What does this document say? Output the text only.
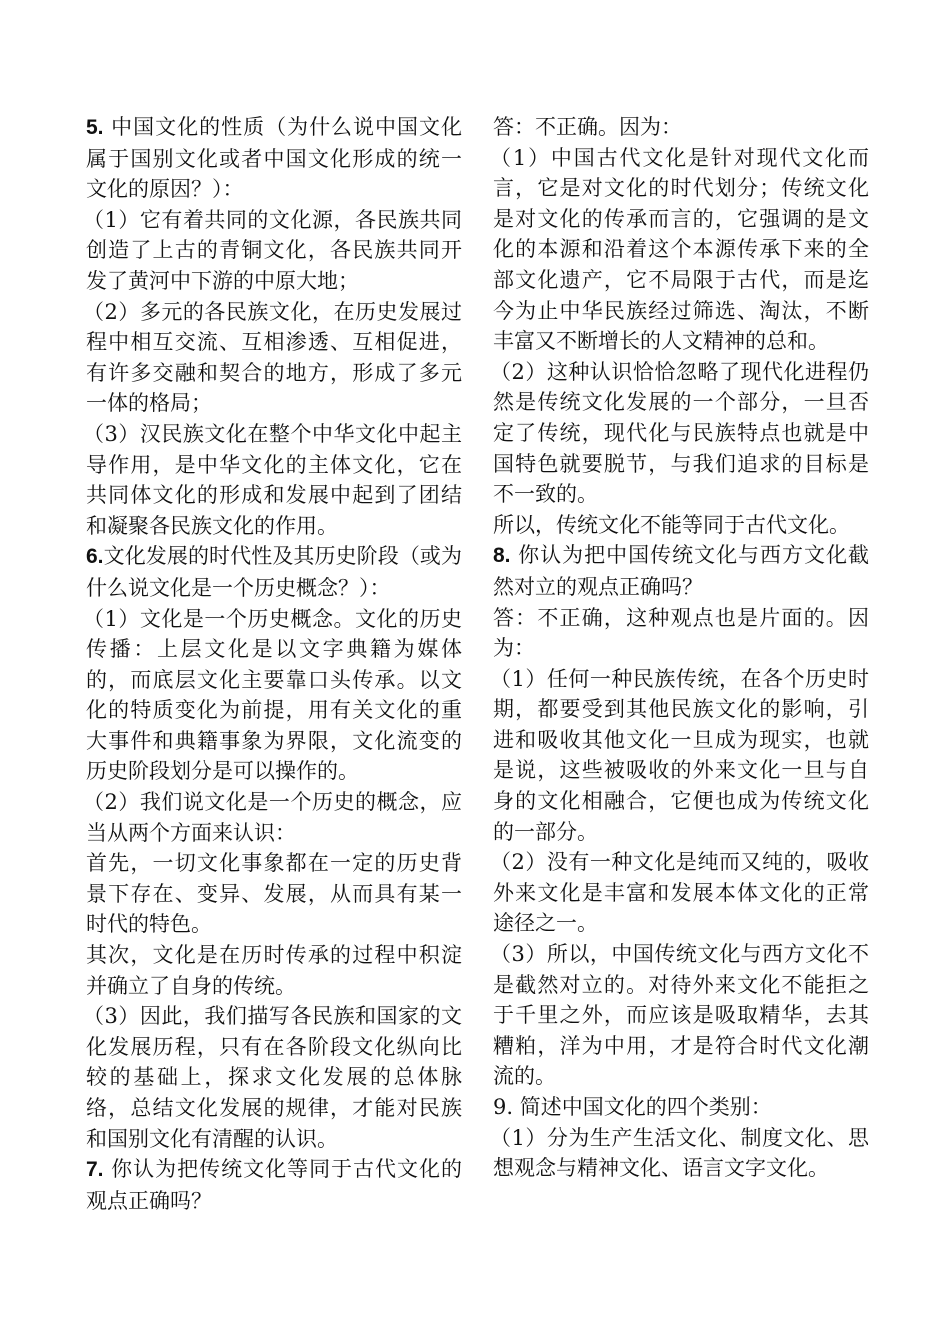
5. 中国文化的性质（为什么说中国文化属于国别文化或者中国文化形成的统一文化的原因？）：

（1）它有着共同的文化源，各民族共同创造了上古的青铜文化，各民族共同开发了黄河中下游的中原大地；

（2）多元的各民族文化，在历史发展过程中相互交流、互相渗透、互相促进，有许多交融和契合的地方，形成了多元一体的格局；

（3）汉民族文化在整个中华文化中起主导作用，是中华文化的主体文化，它在共同体文化的形成和发展中起到了团结和凝聚各民族文化的作用。

6.文化发展的时代性及其历史阶段（或为什么说文化是一个历史概念？）：

（1）文化是一个历史概念。文化的历史传播：上层文化是以文字典籍为媒体的，而底层文化主要靠口头传承。以文化的特质变化为前提，用有关文化的重大事件和典籍事象为界限，文化流变的历史阶段划分是可以操作的。

（2）我们说文化是一个历史的概念，应当从两个方面来认识：

首先，一切文化事象都在一定的历史背景下存在、变异、发展，从而具有某一时代的特色。

其次，文化是在历时传承的过程中积淀并确立了自身的传统。

（3）因此，我们描写各民族和国家的文化发展历程，只有在各阶段文化纵向比较的基础上，探求文化发展的总体脉络，总结文化发展的规律，才能对民族和国别文化有清醒的认识。

7. 你认为把传统文化等同于古代文化的观点正确吗？

答：不正确。因为：

（1）中国古代文化是针对现代文化而言，它是对文化的时代划分；传统文化是对文化的传承而言的，它强调的是文化的本源和沿着这个本源传承下来的全部文化遗产，它不局限于古代，而是迄今为止中华民族经过筛选、淘汰，不断丰富又不断增长的人文精神的总和。

（2）这种认识恰恰忽略了现代化进程仍然是传统文化发展的一个部分，一旦否定了传统，现代化与民族特点也就是中国特色就要脱节，与我们追求的目标是不一致的。

所以，传统文化不能等同于古代文化。

8. 你认为把中国传统文化与西方文化截然对立的观点正确吗？

答：不正确，这种观点也是片面的。因为：

（1）任何一种民族传统，在各个历史时期，都要受到其他民族文化的影响，引进和吸收其他文化一旦成为现实，也就是说，这些被吸收的外来文化一旦与自身的文化相融合，它便也成为传统文化的一部分。

（2）没有一种文化是纯而又纯的，吸收外来文化是丰富和发展本体文化的正常途径之一。

（3）所以，中国传统文化与西方文化不是截然对立的。对待外来文化不能拒之于千里之外，而应该是吸取精华，去其糟粕，洋为中用，才是符合时代文化潮流的。

9. 简述中国文化的四个类别：

（1）分为生产生活文化、制度文化、思想观念与精神文化、语言文字文化。
